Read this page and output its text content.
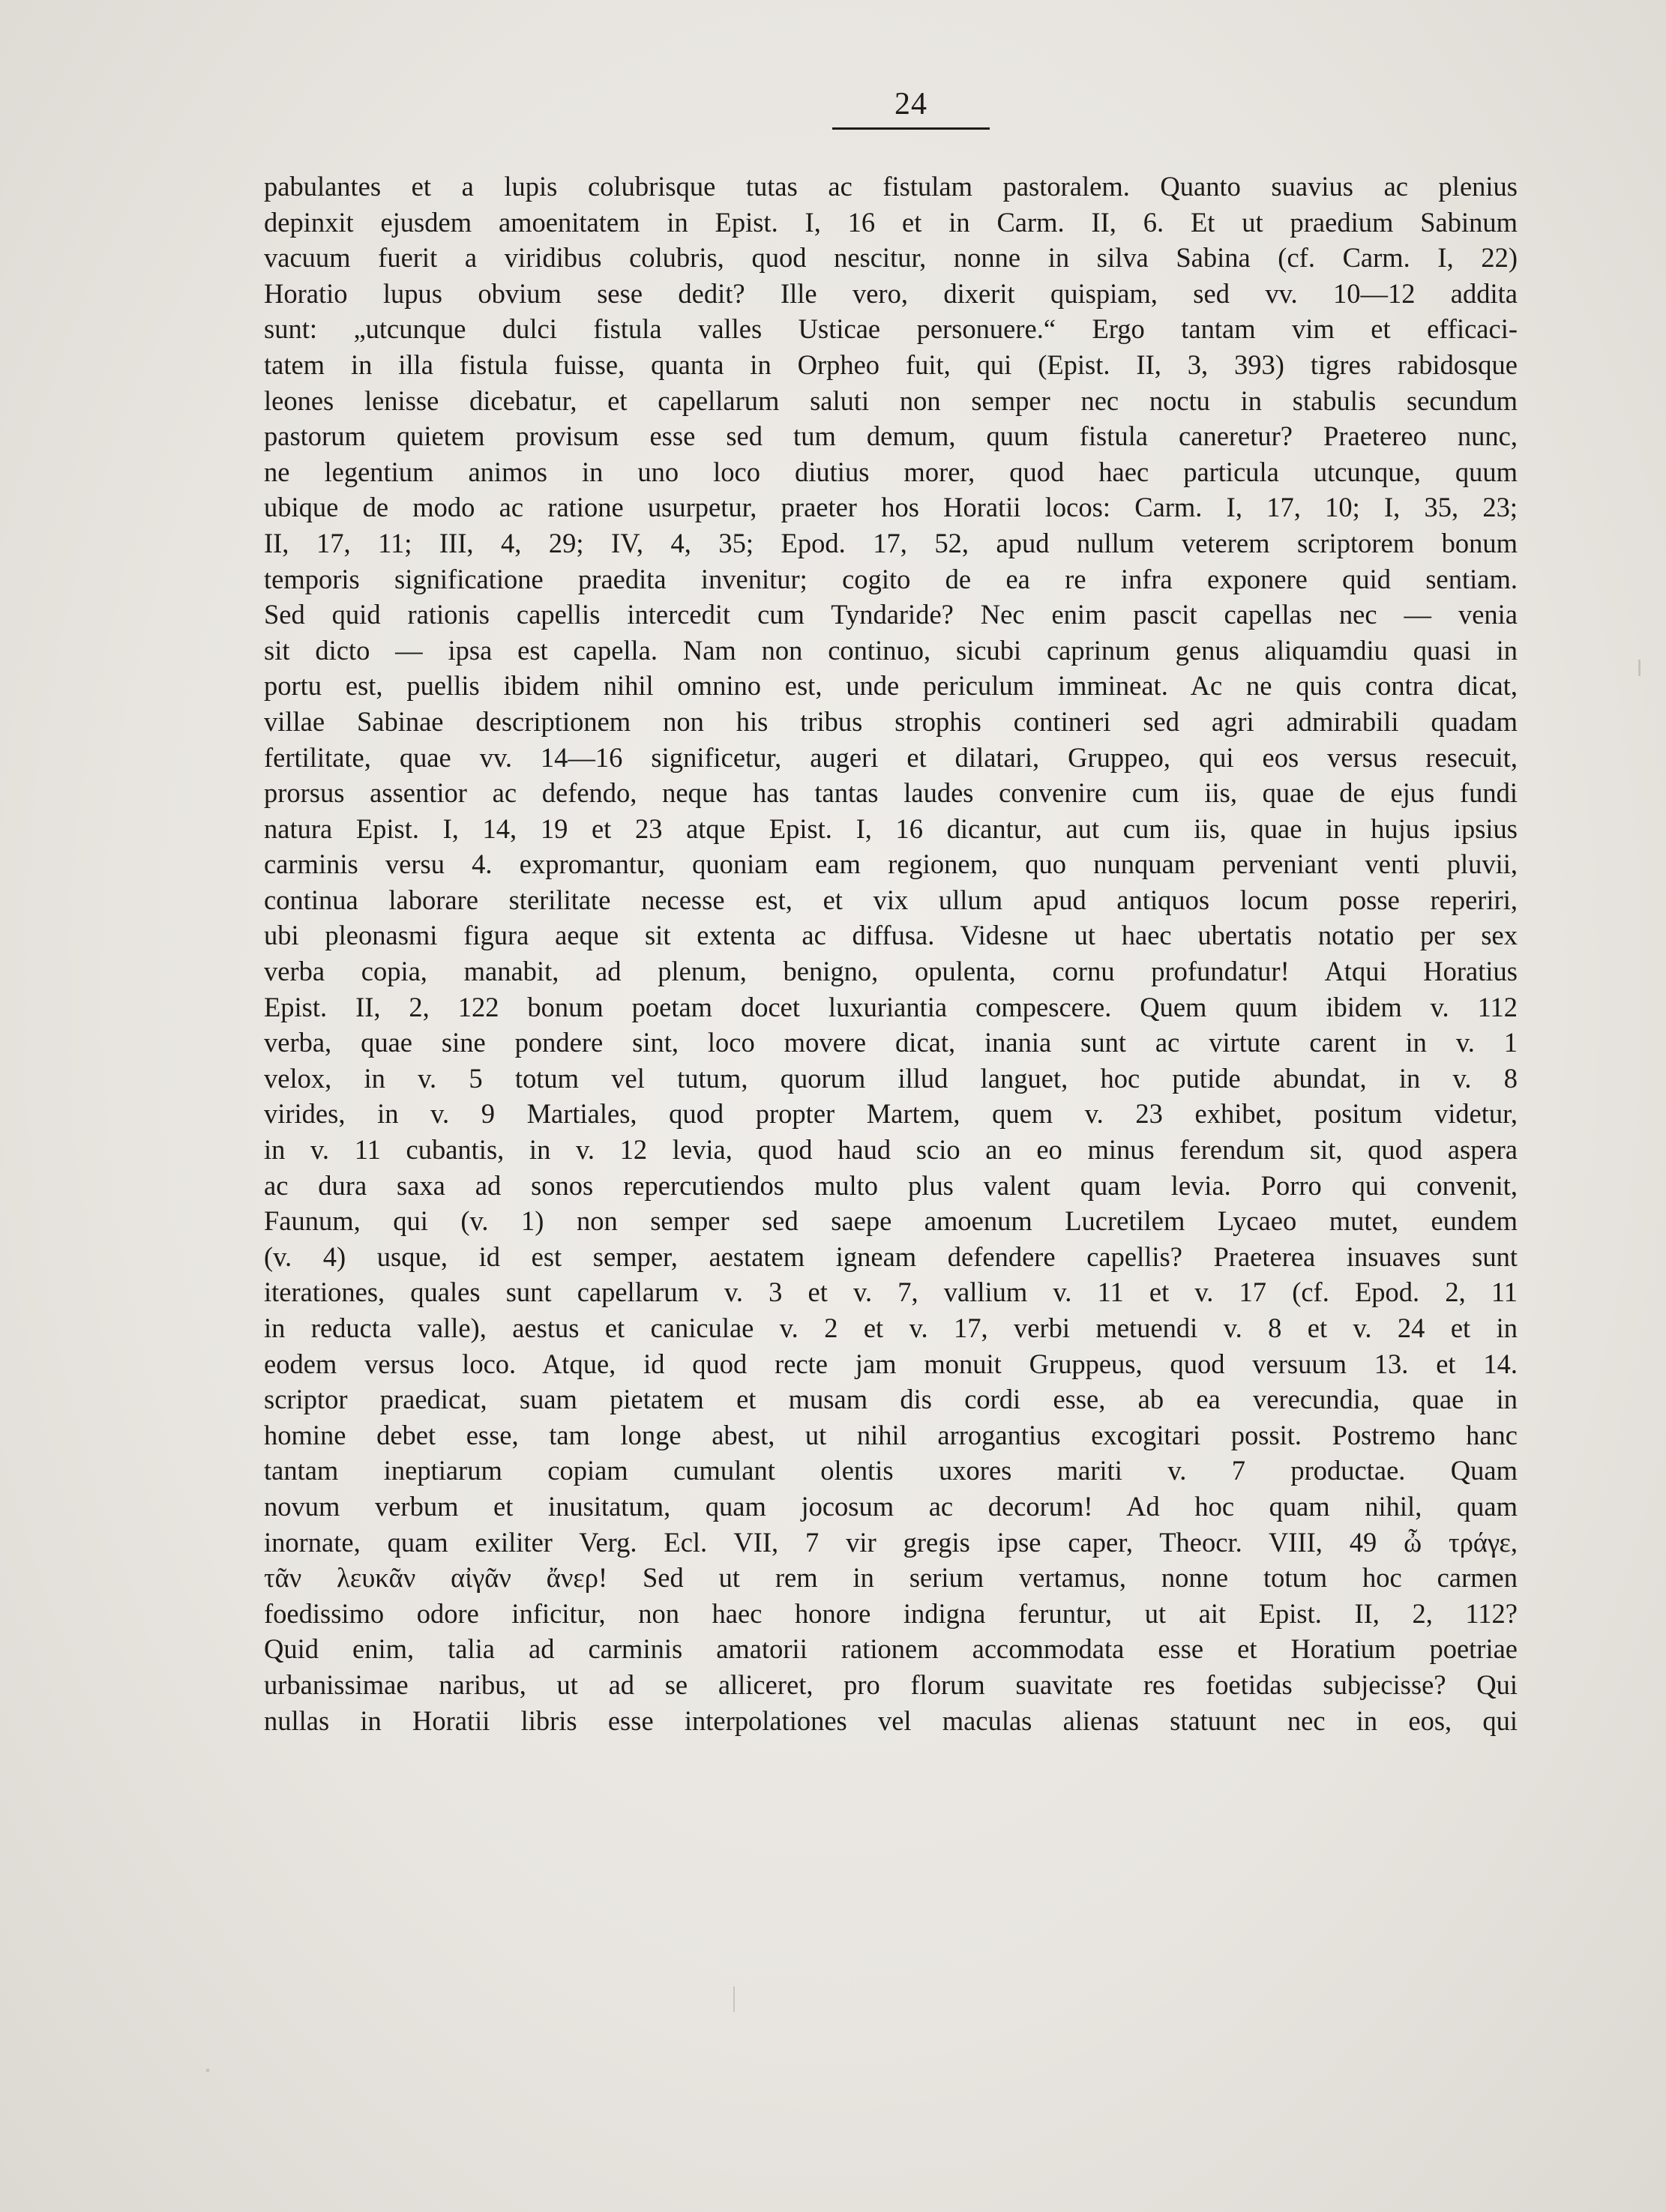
24
pabulantes et a lupis colubrisque tutas ac fistulam pastoralem. Quanto suavius ac plenius
depinxit ejusdem amoenitatem in Epist. I, 16 et in Carm. II, 6. Et ut praedium Sabinum
vacuum fuerit a viridibus colubris, quod nescitur, nonne in silva Sabina (cf. Carm. I, 22)
Horatio lupus obvium sese dedit? Ille vero, dixerit quispiam, sed vv. 10—12 addita
sunt: „utcunque dulci fistula valles Usticae personuere.“ Ergo tantam vim et efficaci-
tatem in illa fistula fuisse, quanta in Orpheo fuit, qui (Epist. II, 3, 393) tigres rabidosque
leones lenisse dicebatur, et capellarum saluti non semper nec noctu in stabulis secundum
pastorum quietem provisum esse sed tum demum, quum fistula caneretur? Praetereo nunc,
ne legentium animos in uno loco diutius morer, quod haec particula utcunque, quum
ubique de modo ac ratione usurpetur, praeter hos Horatii locos: Carm. I, 17, 10; I, 35, 23;
II, 17, 11; III, 4, 29; IV, 4, 35; Epod. 17, 52, apud nullum veterem scriptorem bonum
temporis significatione praedita invenitur; cogito de ea re infra exponere quid sentiam.
Sed quid rationis capellis intercedit cum Tyndaride? Nec enim pascit capellas nec — venia
sit dicto — ipsa est capella. Nam non continuo, sicubi caprinum genus aliquamdiu quasi in
portu est, puellis ibidem nihil omnino est, unde periculum immineat. Ac ne quis contra dicat,
villae Sabinae descriptionem non his tribus strophis contineri sed agri admirabili quadam
fertilitate, quae vv. 14—16 significetur, augeri et dilatari, Gruppeo, qui eos versus resecuit,
prorsus assentior ac defendo, neque has tantas laudes convenire cum iis, quae de ejus fundi
natura Epist. I, 14, 19 et 23 atque Epist. I, 16 dicantur, aut cum iis, quae in hujus ipsius
carminis versu 4. expromantur, quoniam eam regionem, quo nunquam perveniant venti pluvii,
continua laborare sterilitate necesse est, et vix ullum apud antiquos locum posse reperiri,
ubi pleonasmi figura aeque sit extenta ac diffusa. Videsne ut haec ubertatis notatio per sex
verba copia, manabit, ad plenum, benigno, opulenta, cornu profundatur! Atqui Horatius
Epist. II, 2, 122 bonum poetam docet luxuriantia compescere. Quem quum ibidem v. 112
verba, quae sine pondere sint, loco movere dicat, inania sunt ac virtute carent in v. 1
velox, in v. 5 totum vel tutum, quorum illud languet, hoc putide abundat, in v. 8
virides, in v. 9 Martiales, quod propter Martem, quem v. 23 exhibet, positum videtur,
in v. 11 cubantis, in v. 12 levia, quod haud scio an eo minus ferendum sit, quod aspera
ac dura saxa ad sonos repercutiendos multo plus valent quam levia. Porro qui convenit,
Faunum, qui (v. 1) non semper sed saepe amoenum Lucretilem Lycaeo mutet, eundem
(v. 4) usque, id est semper, aestatem igneam defendere capellis? Praeterea insuaves sunt
iterationes, quales sunt capellarum v. 3 et v. 7, vallium v. 11 et v. 17 (cf. Epod. 2, 11
in reducta valle), aestus et caniculae v. 2 et v. 17, verbi metuendi v. 8 et v. 24 et in
eodem versus loco. Atque, id quod recte jam monuit Gruppeus, quod versuum 13. et 14.
scriptor praedicat, suam pietatem et musam dis cordi esse, ab ea verecundia, quae in
homine debet esse, tam longe abest, ut nihil arrogantius excogitari possit. Postremo hanc
tantam ineptiarum copiam cumulant olentis uxores mariti v. 7 productae. Quam
novum verbum et inusitatum, quam jocosum ac decorum! Ad hoc quam nihil, quam
inornate, quam exiliter Verg. Ecl. VII, 7 vir gregis ipse caper, Theocr. VIII, 49 ὦ τράγε,
τᾶν λευκᾶν αἰγᾶν ἄνερ! Sed ut rem in serium vertamus, nonne totum hoc carmen
foedissimo odore inficitur, non haec honore indigna feruntur, ut ait Epist. II, 2, 112?
Quid enim, talia ad carminis amatorii rationem accommodata esse et Horatium poetriae
urbanissimae naribus, ut ad se alliceret, pro florum suavitate res foetidas subjecisse? Qui
nullas in Horatii libris esse interpolationes vel maculas alienas statuunt nec in eos, qui
